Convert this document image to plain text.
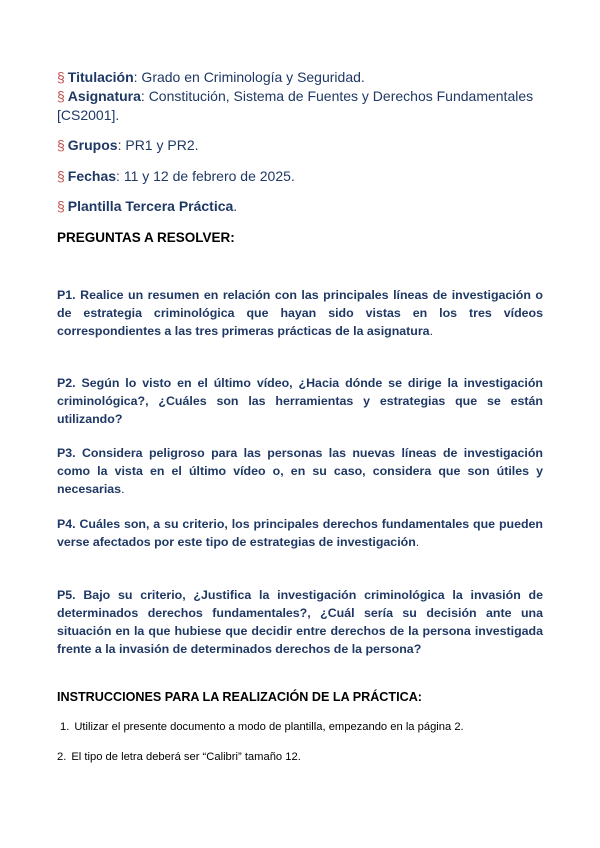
§ Titulación: Grado en Criminología y Seguridad.
§ Asignatura: Constitución, Sistema de Fuentes y Derechos Fundamentales
[CS2001].
§ Grupos: PR1 y PR2.
§ Fechas: 11 y 12 de febrero de 2025.
§ Plantilla Tercera Práctica.
PREGUNTAS A RESOLVER:
P1. Realice un resumen en relación con las principales líneas de investigación o de estrategia criminológica que hayan sido vistas en los tres vídeos correspondientes a las tres primeras prácticas de la asignatura.
P2. Según lo visto en el último vídeo, ¿Hacia dónde se dirige la investigación criminológica?, ¿Cuáles son las herramientas y estrategias que se están utilizando?
P3. Considera peligroso para las personas las nuevas líneas de investigación como la vista en el último vídeo o, en su caso, considera que son útiles y necesarias.
P4. Cuáles son, a su criterio, los principales derechos fundamentales que pueden verse afectados por este tipo de estrategias de investigación.
P5. Bajo su criterio, ¿Justifica la investigación criminológica la invasión de determinados derechos fundamentales?, ¿Cuál sería su decisión ante una situación en la que hubiese que decidir entre derechos de la persona investigada frente a la invasión de determinados derechos de la persona?
INSTRUCCIONES PARA LA REALIZACIÓN DE LA PRÁCTICA:
1. Utilizar el presente documento a modo de plantilla, empezando en la página 2.
2. El tipo de letra deberá ser “Calibri” tamaño 12.
